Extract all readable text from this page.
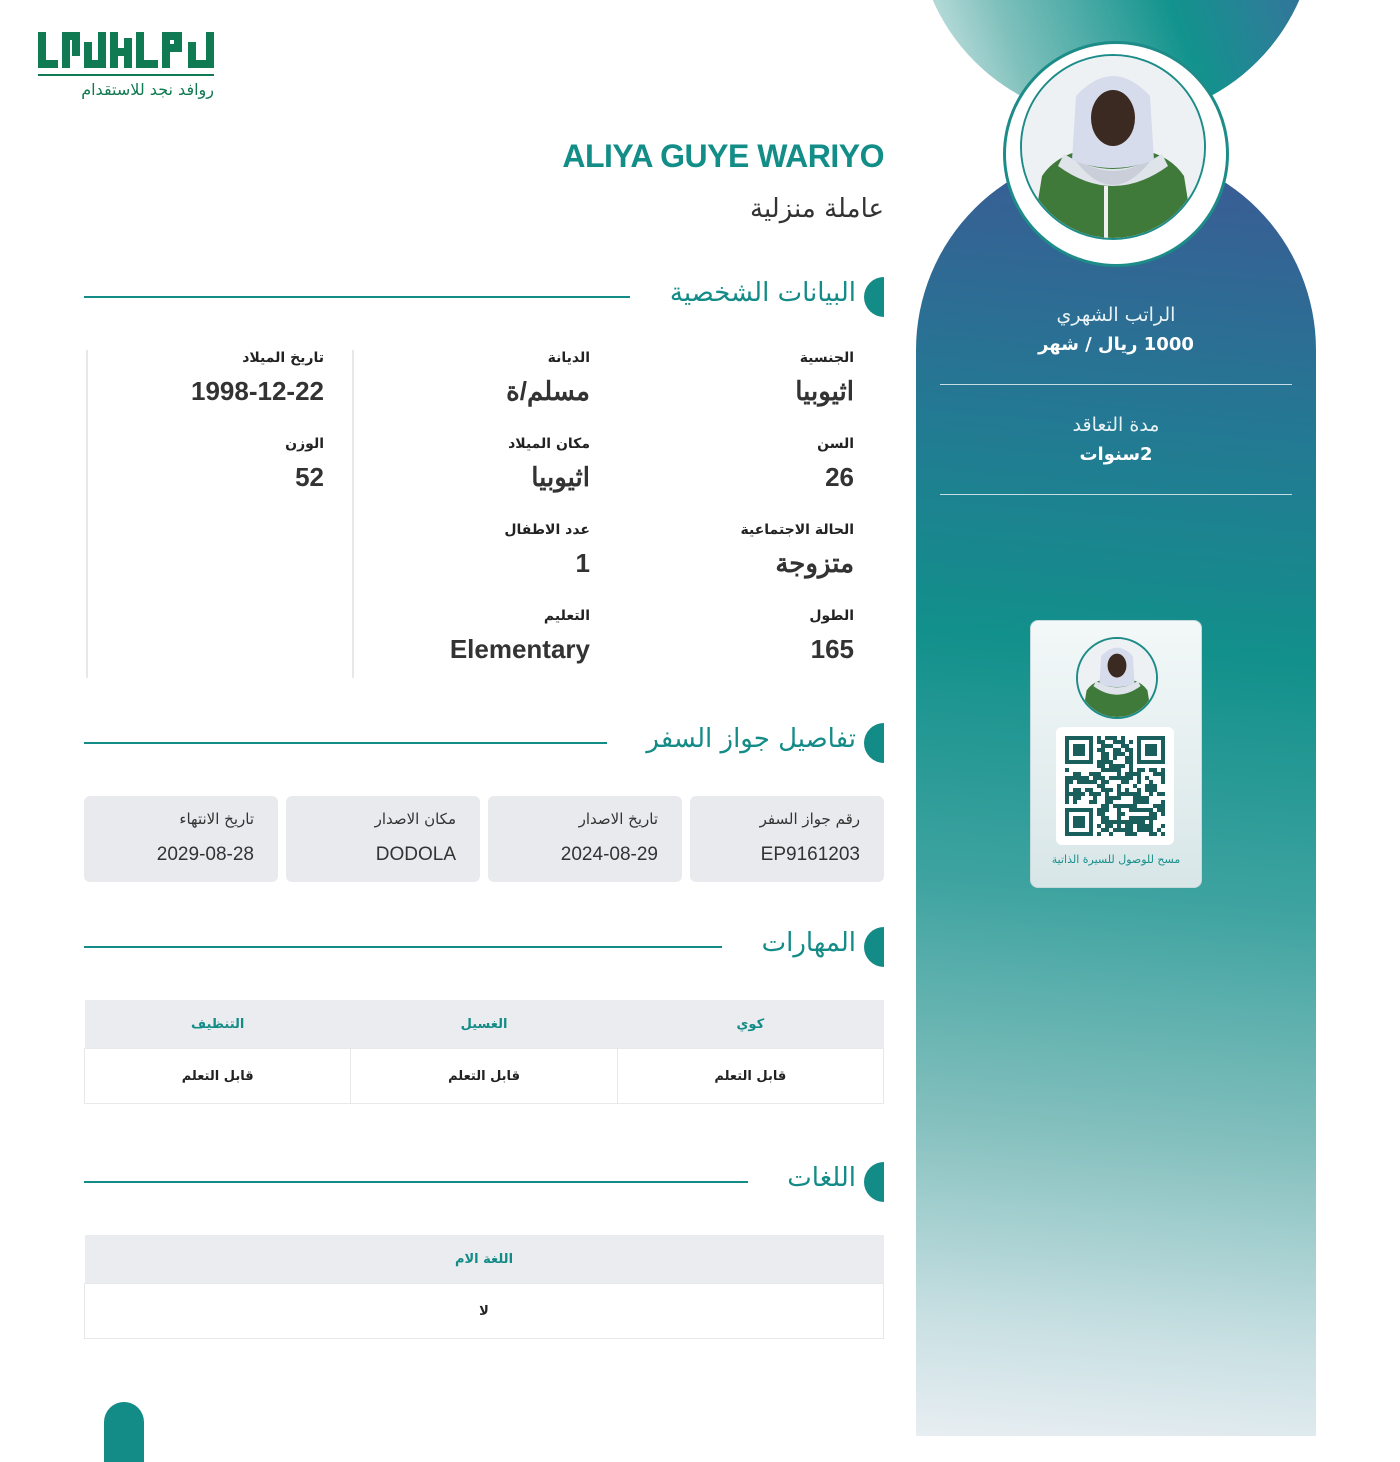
روافد نجد للاستقدام
ALIYA GUYE WARIYO
عاملة منزلية
الراتب الشهري
1000 ريال / شهر
مدة التعاقد
2سنوات
مسح للوصول للسيرة الذاتية
البيانات الشخصية
الجنسية
اثيوبيا
السن
26
الحالة الاجتماعية
متزوجة
الطول
165
الديانة
مسلم/ة
مكان الميلاد
اثيوبيا
عدد الاطفال
1
التعليم
Elementary
تاريخ الميلاد
1998-12-22
الوزن
52
تفاصيل جواز السفر
رقم جواز السفر
EP9161203
تاريخ الاصدار
2024-08-29
مكان الاصدار
DODOLA
تاريخ الانتهاء
2029-08-28
المهارات
كوي	الغسيل	التنظيف
قابل التعلم	قابل التعلم	قابل التعلم
اللغات
اللغة الام
لا
